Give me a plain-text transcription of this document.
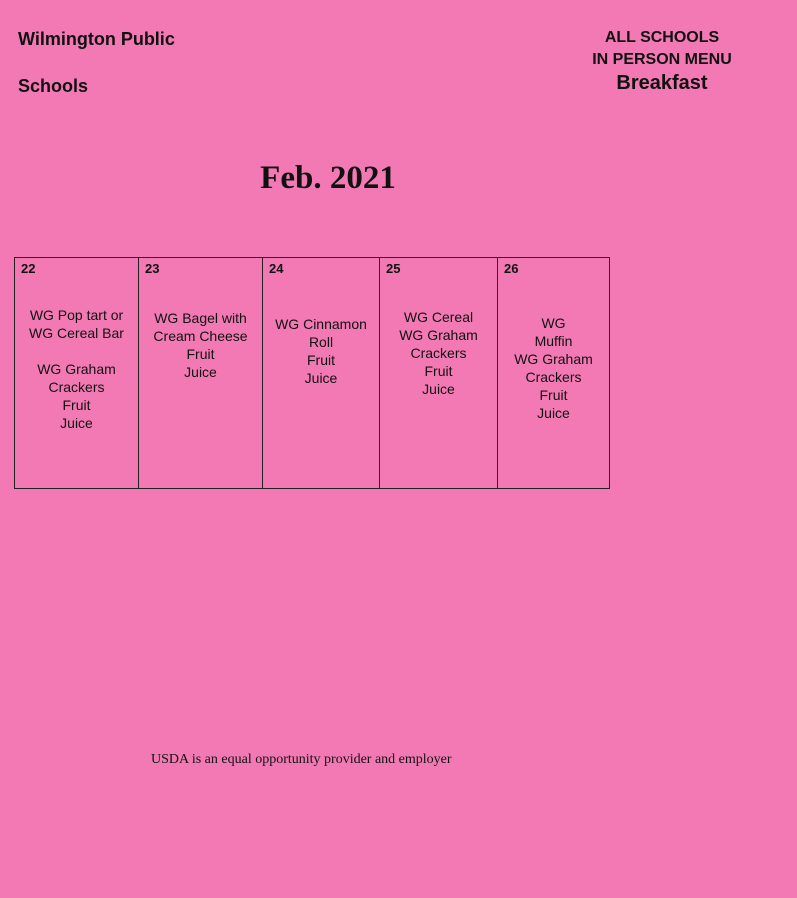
Wilmington Public
Schools
ALL SCHOOLS
IN PERSON MENU
Breakfast
Feb. 2021
22
WG Pop tart or
WG Cereal Bar
WG Graham
Crackers
Fruit
Juice
23
WG Bagel with
Cream Cheese
Fruit
Juice
24
WG Cinnamon
Roll
Fruit
Juice
25
WG Cereal
WG Graham
Crackers
Fruit
Juice
26
WG
Muffin
WG Graham
Crackers
Fruit
Juice
USDA is an equal opportunity provider and employer
